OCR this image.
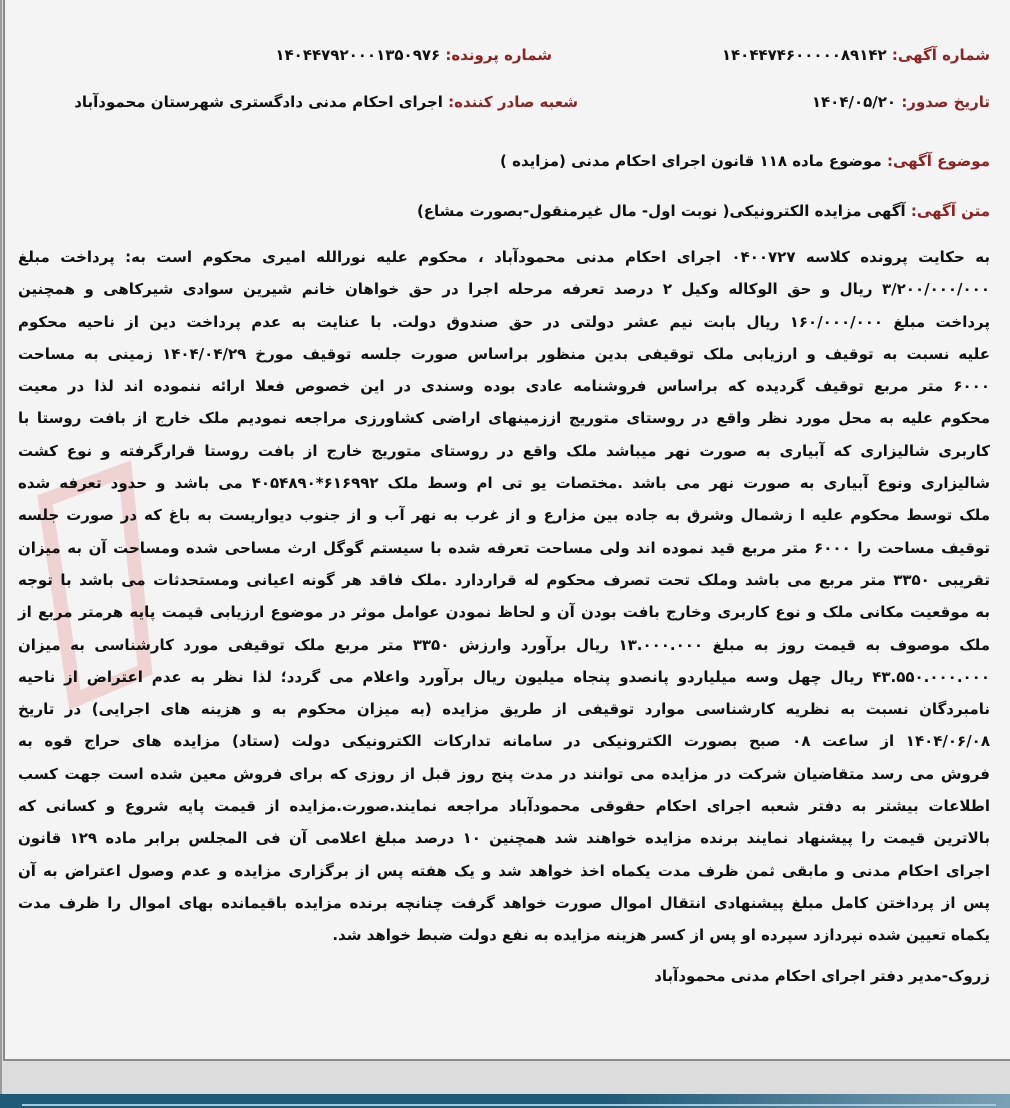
شماره آگهی: ۱۴۰۴۴۷۴۶۰۰۰۰۰۸۹۱۴۲
شماره پرونده: ۱۴۰۴۴۷۹۲۰۰۰۱۳۵۰۹۷۶
تاریخ صدور: ۱۴۰۴/۰۵/۲۰
شعبه صادر کننده: اجرای احکام مدنی دادگستری شهرستان محمودآباد
موضوع آگهی: موضوع ماده ۱۱۸ قانون اجرای احکام مدنی (مزایده )
متن آگهی: آگهی مزایده الکترونیکی( نوبت اول- مال غیرمنقول-بصورت مشاع)
به حکایت پرونده کلاسه ۰۴۰۰۷۲۷ اجرای احکام مدنی محمودآباد ، محکوم علیه نورالله امیری محکوم است به: پرداخت مبلغ
۳/۲۰۰/۰۰۰/۰۰۰ ریال و حق الوکاله وکیل ۲ درصد تعرفه مرحله اجرا در حق خواهان خانم شیرین سوادی شیرکاهی و همچنین
پرداخت مبلغ ۱۶۰/۰۰۰/۰۰۰ ریال بابت نیم عشر دولتی در حق صندوق دولت. با عنایت به عدم پرداخت دین از ناحیه محکوم
علیه نسبت به توقیف و ارزیابی ملک توقیفی بدین منظور براساس صورت جلسه توقیف مورخ ۱۴۰۴/۰۴/۲۹ زمینی به مساحت
۶۰۰۰ متر مربع توقیف گردیده که براساس فروشنامه عادی بوده وسندی در این خصوص فعلا ارائه ننموده اند لذا در معیت
محکوم علیه به محل مورد نظر واقع در روستای متوریج اززمینهای اراضی کشاورزی مراجعه نمودیم ملک خارج از بافت روستا با
کاربری شالیزاری که آبیاری به صورت نهر میباشد ملک واقع در روستای متوریج خارج از بافت روستا قرارگرفته و نوع کشت
شالیزاری ونوع آبیاری به صورت نهر می باشد .مختصات یو تی ام وسط ملک ۶۱۶۹۹۲*۴۰۵۴۸۹۰ می باشد و حدود تعرفه شده
ملک توسط محکوم علیه ا زشمال وشرق به جاده بین مزارع و از غرب به نهر آب و از جنوب دیواریست به باغ که در صورت جلسه
توقیف مساحت را ۶۰۰۰ متر مربع قید نموده اند ولی مساحت تعرفه شده با سیستم گوگل ارث مساحی شده ومساحت آن به میزان
تقریبی ۳۳۵۰ متر مربع می باشد وملک تحت تصرف محکوم له قراردارد .ملک فاقد هر گونه اعیانی ومستحدثات می باشد با توجه
به موقعیت مکانی ملک و نوع کاربری وخارج بافت بودن آن و لحاظ نمودن عوامل موثر در موضوع ارزیابی قیمت پایه هرمتر مربع از
ملک موصوف به قیمت روز به مبلغ ۱۳.۰۰۰.۰۰۰ ریال برآورد وارزش ۳۳۵۰ متر مربع ملک توقیفی مورد کارشناسی به میزان
۴۳.۵۵۰.۰۰۰.۰۰۰ ریال چهل وسه میلیاردو پانصدو پنجاه میلیون ریال برآورد واعلام می گردد؛ لذا نظر به عدم اعتراض از ناحیه
نامبردگان نسبت به نظریه کارشناسی موارد توقیفی از طریق مزایده (به میزان محکوم به و هزینه های اجرایی) در تاریخ
۱۴۰۴/۰۶/۰۸ از ساعت ۰۸ صبح بصورت الکترونیکی در سامانه تدارکات الکترونیکی دولت (ستاد) مزایده های حراج قوه به
فروش می رسد متقاضیان شرکت در مزایده می توانند در مدت پنج روز قبل از روزی که برای فروش معین شده است جهت کسب
اطلاعات بیشتر به دفتر شعبه اجرای احکام حقوقی محمودآباد مراجعه نمایند.صورت.مزایده از قیمت پایه شروع و کسانی که
بالاترین قیمت را پیشنهاد نمایند برنده مزایده خواهند شد همچنین ۱۰ درصد مبلغ اعلامی آن فی المجلس برابر ماده ۱۲۹ قانون
اجرای احکام مدنی و مابقی ثمن ظرف مدت یکماه اخذ خواهد شد و یک هفته پس از برگزاری مزایده و عدم وصول اعتراض به آن
پس از پرداختن کامل مبلغ پیشنهادی انتقال اموال صورت خواهد گرفت چنانچه برنده مزایده باقیمانده بهای اموال را ظرف مدت
یکماه تعیین شده نپردازد سپرده او پس از کسر هزینه مزایده به نفع دولت ضبط خواهد شد.
زروک-مدیر دفتر اجرای احکام مدنی محمودآباد
